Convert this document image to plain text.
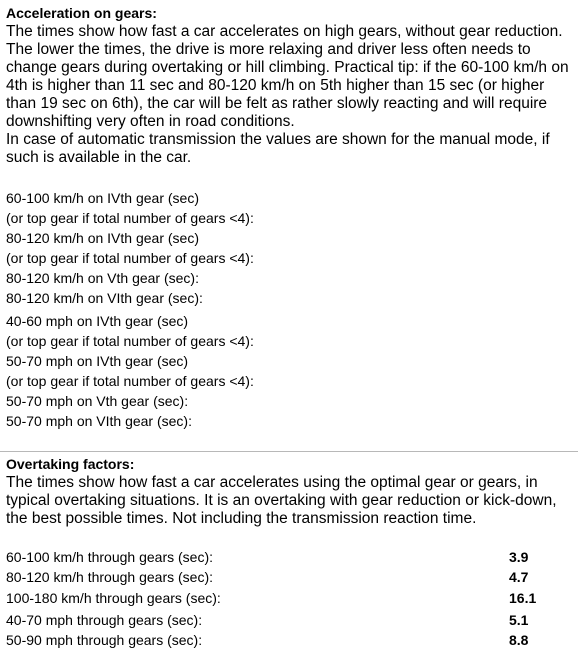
Acceleration on gears:

The times show how fast a car accelerates on high gears, without gear reduction. The lower the times, the drive is more relaxing and driver less often needs to change gears during overtaking or hill climbing. Practical tip: if the 60-100 km/h on 4th is higher than 11 sec and 80-120 km/h on 5th higher than 15 sec (or higher than 19 sec on 6th), the car will be felt as rather slowly reacting and will require downshifting very often in road conditions.

In case of automatic transmission the values are shown for the manual mode, if such is available in the car.

60-100 km/h on IVth gear (sec)
(or top gear if total number of gears <4):
80-120 km/h on IVth gear (sec)
(or top gear if total number of gears <4):
80-120 km/h on Vth gear (sec):
80-120 km/h on VIth gear (sec):
40-60 mph on IVth gear (sec)
(or top gear if total number of gears <4):
50-70 mph on IVth gear (sec)
(or top gear if total number of gears <4):
50-70 mph on Vth gear (sec):
50-70 mph on VIth gear (sec):
Overtaking factors:

The times show how fast a car accelerates using the optimal gear or gears, in typical overtaking situations. It is an overtaking with gear reduction or kick-down, the best possible times. Not including the transmission reaction time.

60-100 km/h through gears (sec):	3.9
80-120 km/h through gears (sec):	4.7
100-180 km/h through gears (sec):	16.1
40-70 mph through gears (sec):	5.1
50-90 mph through gears (sec):	8.8
